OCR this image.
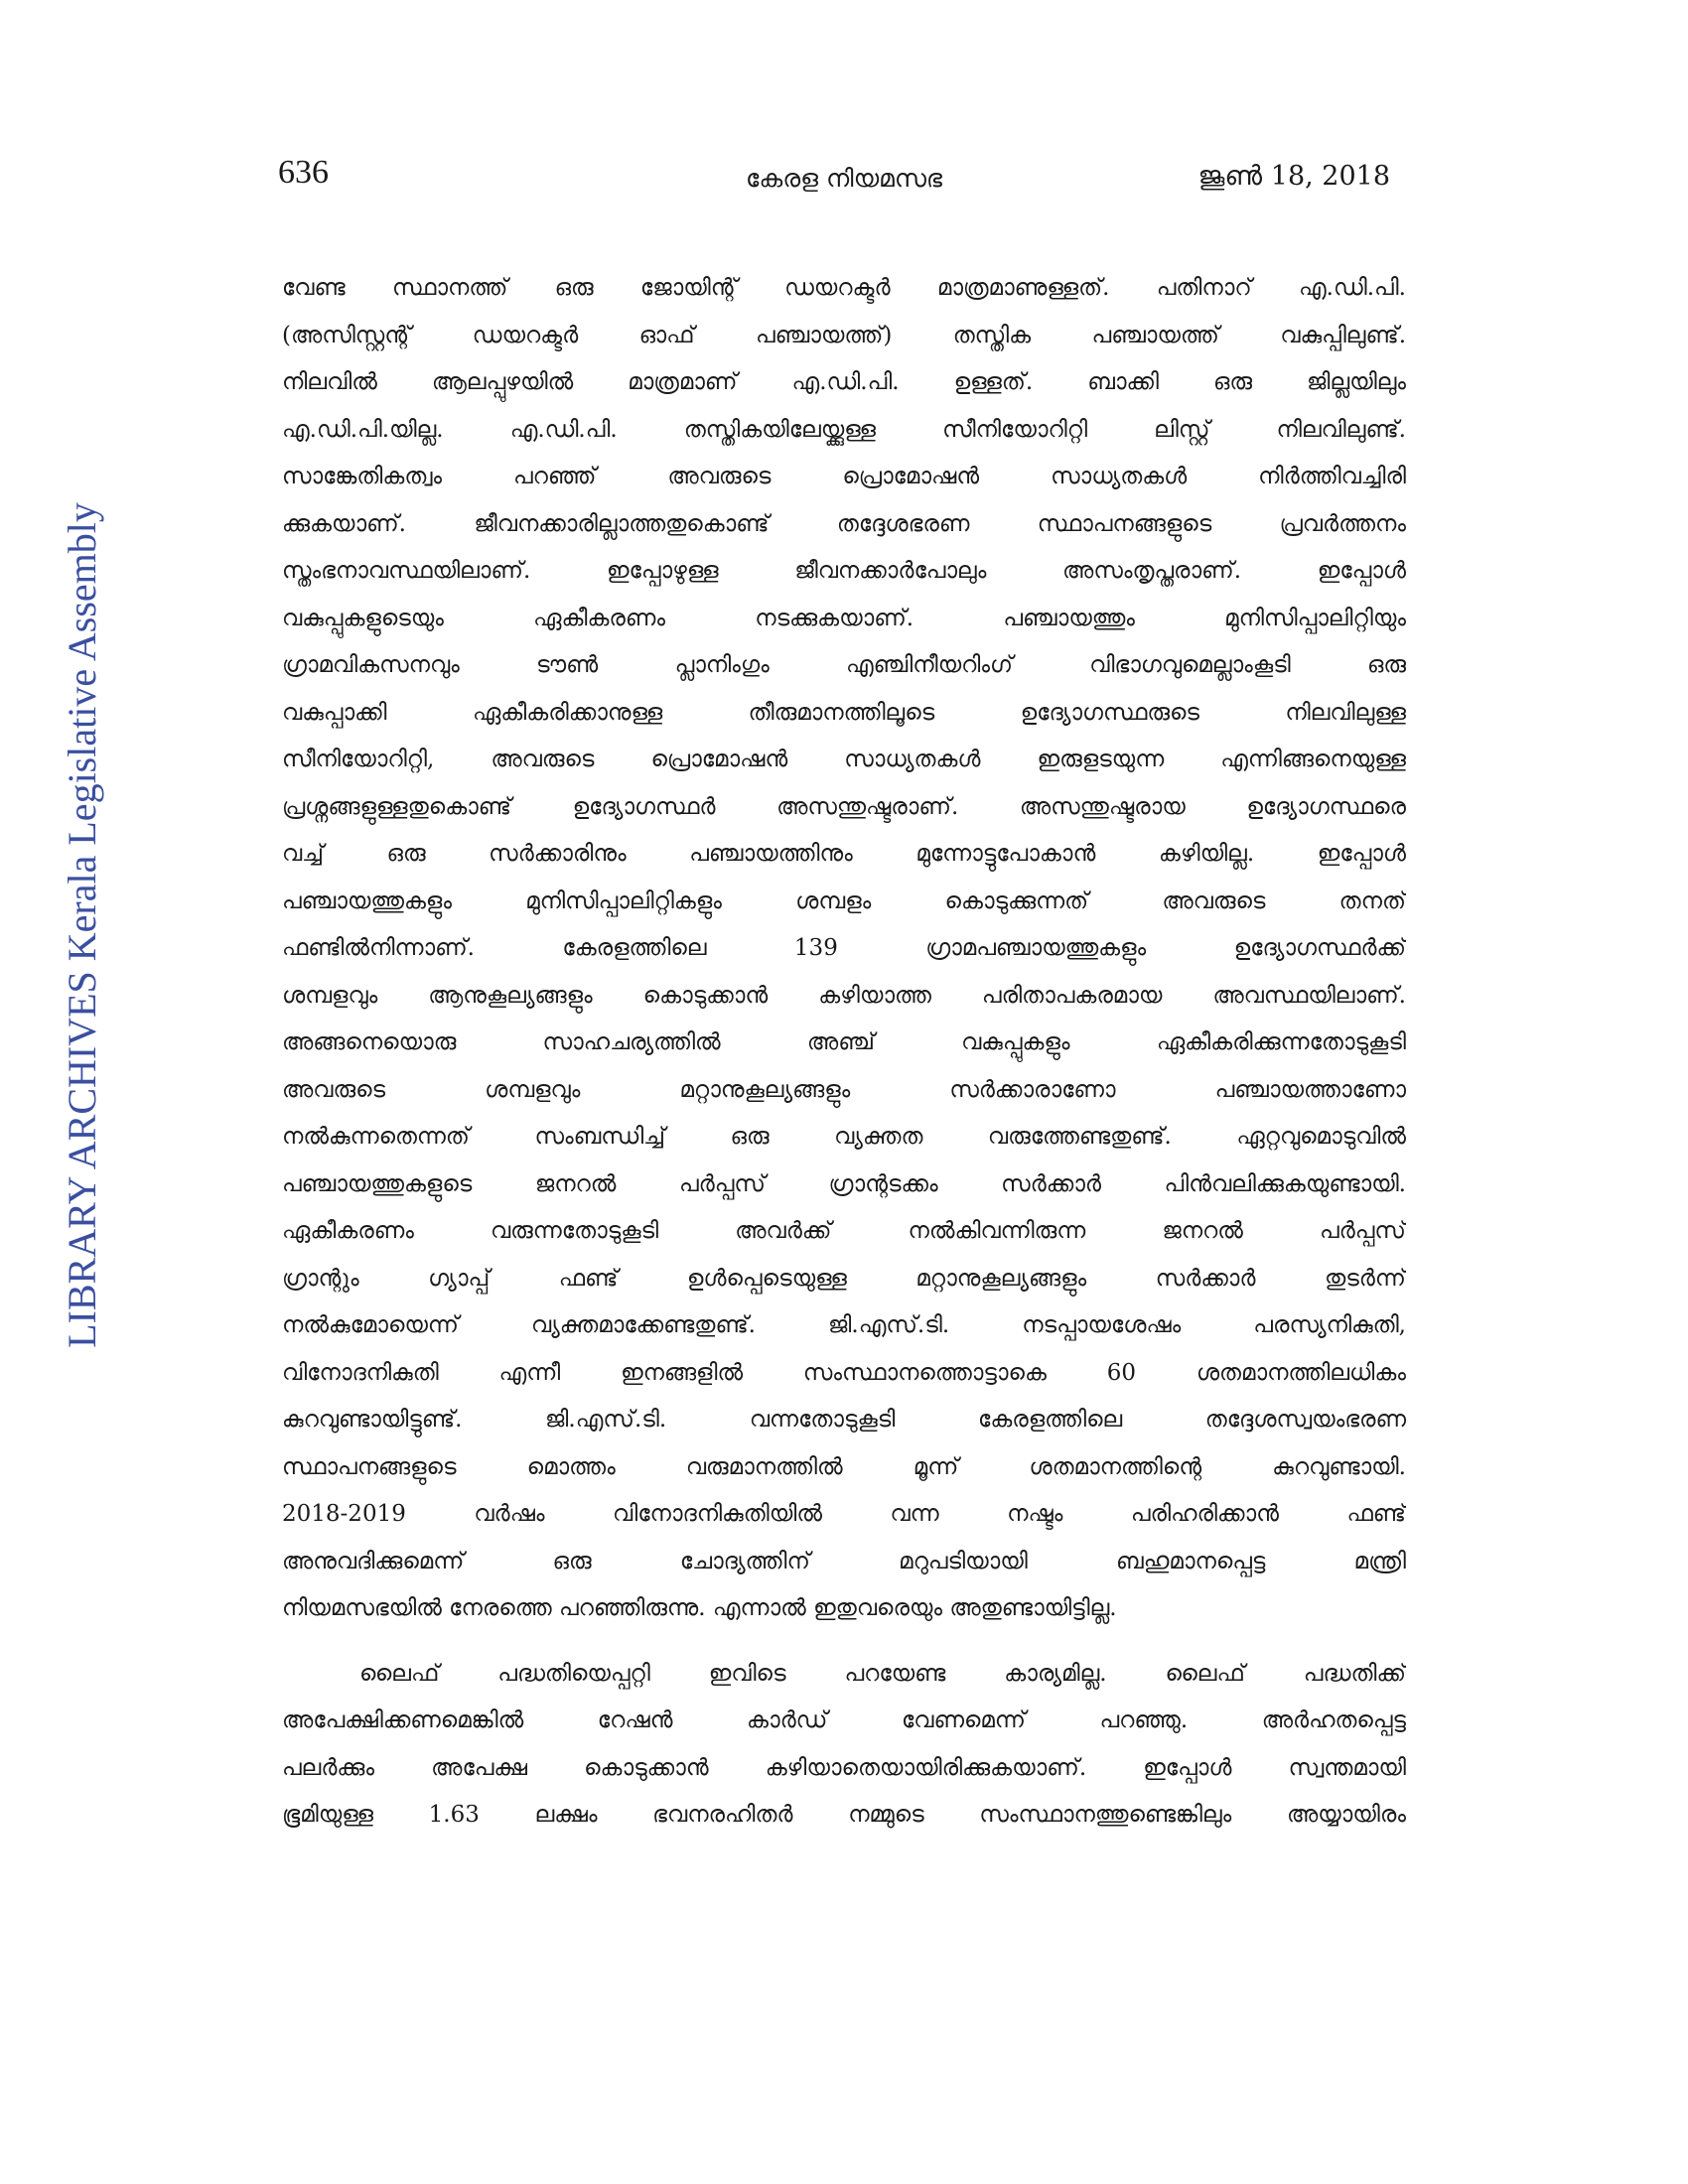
636	കേരള നിയമസഭ	ജൂൺ 18, 2018
LIBRARY ARCHIVES Kerala Legislative Assembly

വേണ്ട സ്ഥാനത്ത് ഒരു ജോയിന്റ് ഡയറക്ടർ മാത്രമാണുള്ളത്. പതിനാറ് എ.ഡി.പി.
(അസിസ്റ്റന്റ് ഡയറക്ടർ ഓഫ് പഞ്ചായത്ത്) തസ്തിക പഞ്ചായത്ത് വകുപ്പിലുണ്ട്.
നിലവിൽ ആലപ്പുഴയിൽ മാത്രമാണ് എ.ഡി.പി. ഉള്ളത്. ബാക്കി ഒരു ജില്ലയിലും
എ.ഡി.പി.യില്ല. എ.ഡി.പി. തസ്തികയിലേയ്ക്കുള്ള സീനിയോറിറ്റി ലിസ്റ്റ് നിലവിലുണ്ട്.
സാങ്കേതികത്വം പറഞ്ഞ് അവരുടെ പ്രൊമോഷൻ സാധ്യതകൾ നിർത്തിവച്ചിരി
ക്കുകയാണ്. ജീവനക്കാരില്ലാത്തതുകൊണ്ട് തദ്ദേശഭരണ സ്ഥാപനങ്ങളുടെ പ്രവർത്തനം
സ്തംഭനാവസ്ഥയിലാണ്. ഇപ്പോഴുള്ള ജീവനക്കാർപോലും അസംതൃപ്തരാണ്. ഇപ്പോൾ
വകുപ്പുകളുടെയും ഏകീകരണം നടക്കുകയാണ്. പഞ്ചായത്തും മുനിസിപ്പാലിറ്റിയും
ഗ്രാമവികസനവും ടൗൺ പ്ലാനിംഗും എഞ്ചിനീയറിംഗ് വിഭാഗവുമെല്ലാംകൂടി ഒരു
വകുപ്പാക്കി ഏകീകരിക്കാനുള്ള തീരുമാനത്തിലൂടെ ഉദ്യോഗസ്ഥരുടെ നിലവിലുള്ള
സീനിയോറിറ്റി, അവരുടെ പ്രൊമോഷൻ സാധ്യതകൾ ഇരുളടയുന്ന എന്നിങ്ങനെയുള്ള
പ്രശ്നങ്ങളുള്ളതുകൊണ്ട് ഉദ്യോഗസ്ഥർ അസന്തുഷ്ടരാണ്. അസന്തുഷ്ടരായ ഉദ്യോഗസ്ഥരെ
വച്ച് ഒരു സർക്കാരിനും പഞ്ചായത്തിനും മുന്നോട്ടുപോകാൻ കഴിയില്ല. ഇപ്പോൾ
പഞ്ചായത്തുകളും മുനിസിപ്പാലിറ്റികളും ശമ്പളം കൊടുക്കുന്നത് അവരുടെ തനത്
ഫണ്ടിൽനിന്നാണ്. കേരളത്തിലെ 139 ഗ്രാമപഞ്ചായത്തുകളും ഉദ്യോഗസ്ഥർക്ക്
ശമ്പളവും ആനുകൂല്യങ്ങളും കൊടുക്കാൻ കഴിയാത്ത പരിതാപകരമായ അവസ്ഥയിലാണ്.
അങ്ങനെയൊരു സാഹചര്യത്തിൽ അഞ്ച് വകുപ്പുകളും ഏകീകരിക്കുന്നതോടുകൂടി
അവരുടെ ശമ്പളവും മറ്റാനുകൂല്യങ്ങളും സർക്കാരാണോ പഞ്ചായത്താണോ
നൽകുന്നതെന്നത് സംബന്ധിച്ച് ഒരു വ്യക്തത വരുത്തേണ്ടതുണ്ട്. ഏറ്റവുമൊടുവിൽ
പഞ്ചായത്തുകളുടെ ജനറൽ പർപ്പസ് ഗ്രാന്റടക്കം സർക്കാർ പിൻവലിക്കുകയുണ്ടായി.
ഏകീകരണം വരുന്നതോടുകൂടി അവർക്ക് നൽകിവന്നിരുന്ന ജനറൽ പർപ്പസ്
ഗ്രാന്റും ഗ്യാപ്പ് ഫണ്ട് ഉൾപ്പെടെയുള്ള മറ്റാനുകൂല്യങ്ങളും സർക്കാർ തുടർന്ന്
നൽകുമോയെന്ന് വ്യക്തമാക്കേണ്ടതുണ്ട്. ജി.എസ്.ടി. നടപ്പായശേഷം പരസ്യനികുതി,
വിനോദനികുതി എന്നീ ഇനങ്ങളിൽ സംസ്ഥാനത്തൊട്ടാകെ 60 ശതമാനത്തിലധികം
കുറവുണ്ടായിട്ടുണ്ട്. ജി.എസ്.ടി. വന്നതോടുകൂടി കേരളത്തിലെ തദ്ദേശസ്വയംഭരണ
സ്ഥാപനങ്ങളുടെ മൊത്തം വരുമാനത്തിൽ മൂന്ന് ശതമാനത്തിന്റെ കുറവുണ്ടായി.
2018-2019 വർഷം വിനോദനികുതിയിൽ വന്ന നഷ്ടം പരിഹരിക്കാൻ ഫണ്ട്
അനുവദിക്കുമെന്ന് ഒരു ചോദ്യത്തിന് മറുപടിയായി ബഹുമാനപ്പെട്ട മന്ത്രി
നിയമസഭയിൽ നേരത്തെ പറഞ്ഞിരുന്നു. എന്നാൽ ഇതുവരെയും അതുണ്ടായിട്ടില്ല.

ലൈഫ് പദ്ധതിയെപ്പറ്റി ഇവിടെ പറയേണ്ട കാര്യമില്ല. ലൈഫ് പദ്ധതിക്ക്
അപേക്ഷിക്കണമെങ്കിൽ റേഷൻ കാർഡ് വേണമെന്ന് പറഞ്ഞു. അർഹതപ്പെട്ട
പലർക്കും അപേക്ഷ കൊടുക്കാൻ കഴിയാതെയായിരിക്കുകയാണ്. ഇപ്പോൾ സ്വന്തമായി
ഭൂമിയുള്ള 1.63 ലക്ഷം ഭവനരഹിതർ നമ്മുടെ സംസ്ഥാനത്തുണ്ടെങ്കിലും അയ്യായിരം
